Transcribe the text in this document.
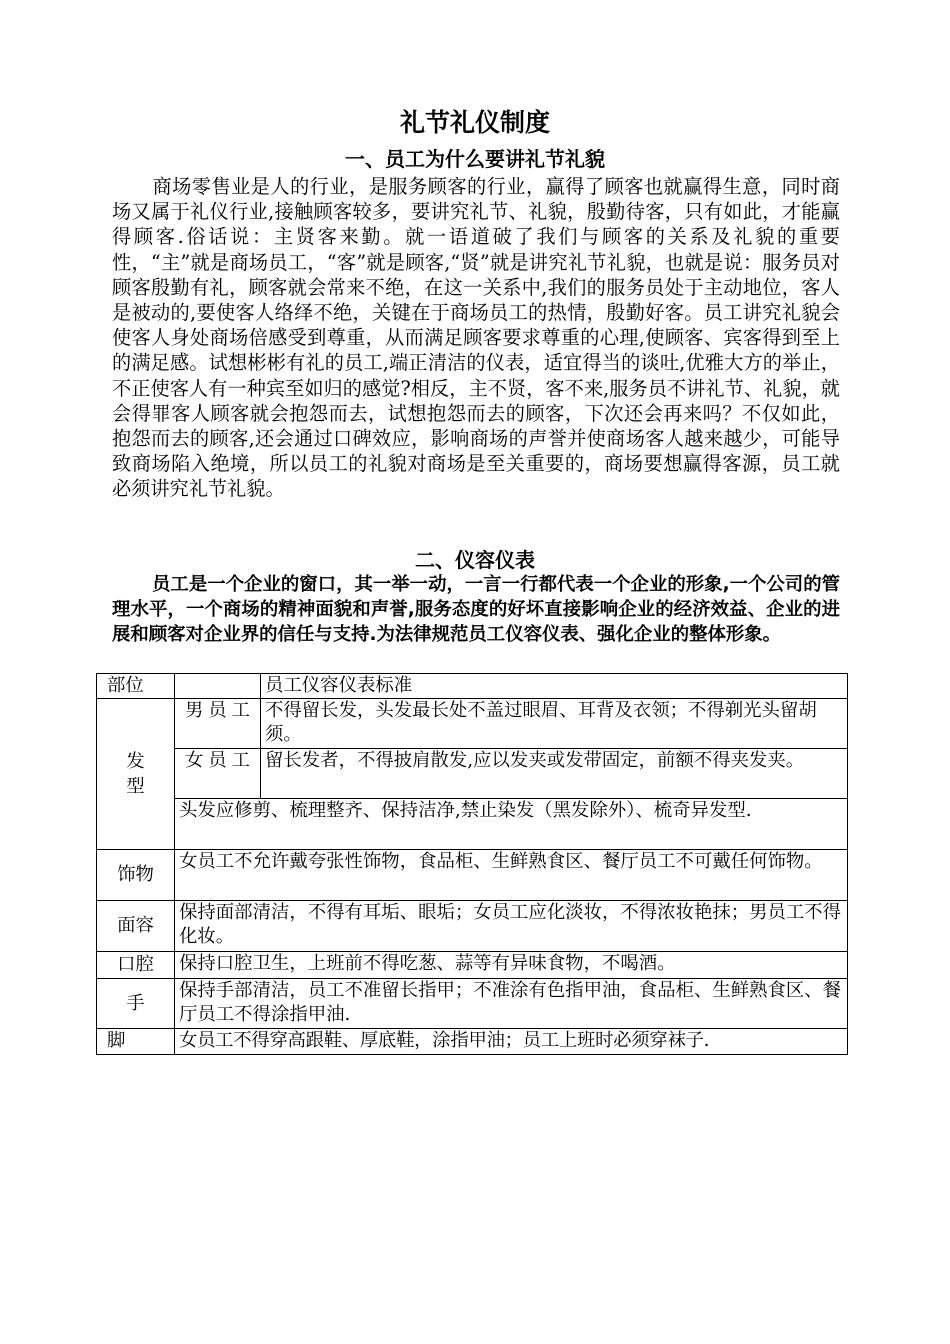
礼节礼仪制度
一、员工为什么要讲礼节礼貌

商场零售业是人的行业，是服务顾客的行业，赢得了顾客也就赢得生意，同时商场又属于礼仪行业,接触顾客较多，要讲究礼节、礼貌，殷勤待客，只有如此，才能赢得顾客.俗话说：主贤客来勤。就一语道破了我们与顾客的关系及礼貌的重要性，“主”就是商场员工，“客”就是顾客,“贤”就是讲究礼节礼貌，也就是说：服务员对顾客殷勤有礼，顾客就会常来不绝，在这一关系中,我们的服务员处于主动地位，客人是被动的,要使客人络绎不绝，关键在于商场员工的热情，殷勤好客。员工讲究礼貌会使客人身处商场倍感受到尊重，从而满足顾客要求尊重的心理,使顾客、宾客得到至上的满足感。试想彬彬有礼的员工,端正清洁的仪表，适宜得当的谈吐,优雅大方的举止，不正使客人有一种宾至如归的感觉?相反，主不贤，客不来,服务员不讲礼节、礼貌，就会得罪客人顾客就会抱怨而去，试想抱怨而去的顾客，下次还会再来吗？不仅如此，抱怨而去的顾客,还会通过口碑效应，影响商场的声誉并使商场客人越来越少，可能导致商场陷入绝境，所以员工的礼貌对商场是至关重要的，商场要想赢得客源，员工就必须讲究礼节礼貌。

二、仪容仪表

员工是一个企业的窗口，其一举一动，一言一行都代表一个企业的形象,一个公司的管理水平，一个商场的精神面貌和声誉,服务态度的好坏直接影响企业的经济效益、企业的进展和顾客对企业界的信任与支持.为法律规范员工仪容仪表、强化企业的整体形象。

部位		员工仪容仪表标准
发型	男员工	不得留长发，头发最长处不盖过眼眉、耳背及衣领；不得剃光头留胡须。
	女员工	留长发者，不得披肩散发,应以发夹或发带固定，前额不得夹发夹。
	头发应修剪、梳理整齐、保持洁净,禁止染发（黑发除外）、梳奇异发型.	
饰物	女员工不允许戴夸张性饰物，食品柜、生鲜熟食区、餐厅员工不可戴任何饰物。	
面容	保持面部清洁，不得有耳垢、眼垢；女员工应化淡妆，不得浓妆艳抹；男员工不得化妆。	
口腔	保持口腔卫生，上班前不得吃葱、蒜等有异味食物，不喝酒。	
手	保持手部清洁，员工不准留长指甲；不准涂有色指甲油，食品柜、生鲜熟食区、餐厅员工不得涂指甲油.	
脚	女员工不得穿高跟鞋、厚底鞋，涂指甲油；员工上班时必须穿袜子.	
